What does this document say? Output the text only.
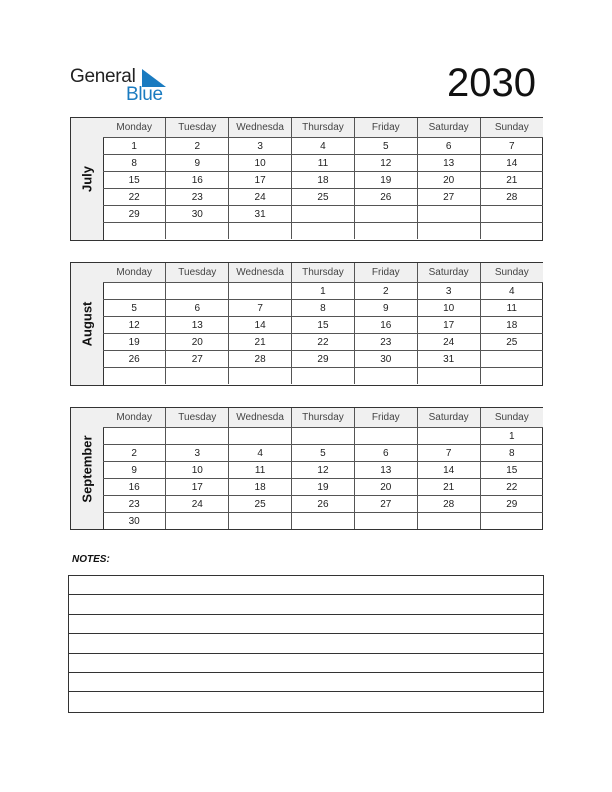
General
Blue	2030
July
Monday	Tuesday	Wednesda	Thursday	Friday	Saturday	Sunday
1	2	3	4	5	6	7
8	9	10	11	12	13	14
15	16	17	18	19	20	21
22	23	24	25	26	27	28
29	30	31				

August
Monday	Tuesday	Wednesda	Thursday	Friday	Saturday	Sunday
			1	2	3	4
5	6	7	8	9	10	11
12	13	14	15	16	17	18
19	20	21	22	23	24	25
26	27	28	29	30	31	

September
Monday	Tuesday	Wednesda	Thursday	Friday	Saturday	Sunday
						1
2	3	4	5	6	7	8
9	10	11	12	13	14	15
16	17	18	19	20	21	22
23	24	25	26	27	28	29
30						
NOTES:
